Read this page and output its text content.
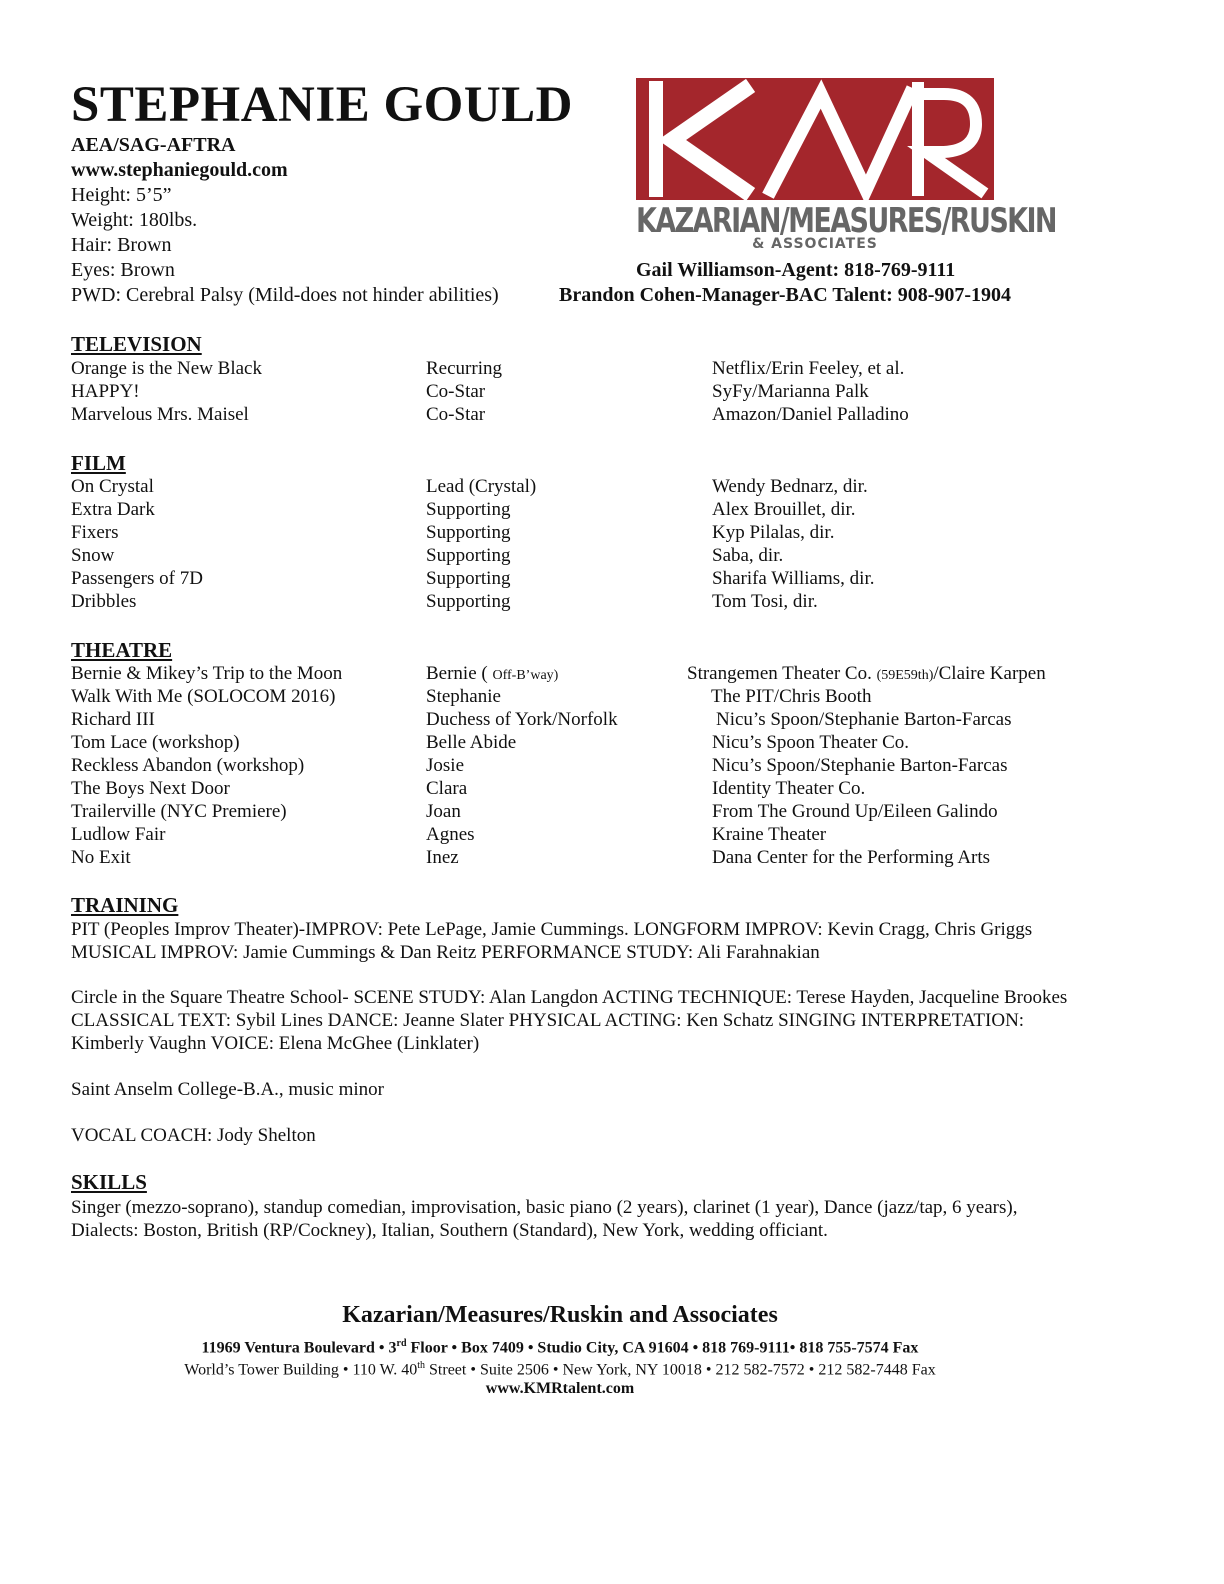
STEPHANIE GOULD
AEA/SAG-AFTRA
www.stephaniegould.com
Height: 5’5”
Weight: 180lbs.
Hair: Brown
Eyes: Brown
PWD: Cerebral Palsy (Mild-does not hinder abilities)
KAZARIAN/MEASURES/RUSKIN
& ASSOCIATES
Gail Williamson-Agent: 818-769-9111
Brandon Cohen-Manager-BAC Talent: 908-907-1904
TELEVISION
Orange is the New Black	Recurring	Netflix/Erin Feeley, et al.
HAPPY!	Co-Star	SyFy/Marianna Palk
Marvelous Mrs. Maisel	Co-Star	Amazon/Daniel Palladino
FILM
On Crystal	Lead (Crystal)	Wendy Bednarz, dir.
Extra Dark	Supporting	Alex Brouillet, dir.
Fixers	Supporting	Kyp Pilalas, dir.
Snow	Supporting	Saba, dir.
Passengers of 7D	Supporting	Sharifa Williams, dir.
Dribbles	Supporting	Tom Tosi, dir.
THEATRE
Bernie & Mikey’s Trip to the Moon	Bernie ( Off-B’way)	Strangemen Theater Co. (59E59th)/Claire Karpen
Walk With Me (SOLOCOM 2016)	Stephanie	The PIT/Chris Booth
Richard III	Duchess of York/Norfolk	Nicu’s Spoon/Stephanie Barton-Farcas
Tom Lace (workshop)	Belle Abide	Nicu’s Spoon Theater Co.
Reckless Abandon (workshop)	Josie	Nicu’s Spoon/Stephanie Barton-Farcas
The Boys Next Door	Clara	Identity Theater Co.
Trailerville (NYC Premiere)	Joan	From The Ground Up/Eileen Galindo
Ludlow Fair	Agnes	Kraine Theater
No Exit	Inez	Dana Center for the Performing Arts
TRAINING

PIT (Peoples Improv Theater)-IMPROV: Pete LePage, Jamie Cummings. LONGFORM IMPROV: Kevin Cragg, Chris Griggs MUSICAL IMPROV: Jamie Cummings & Dan Reitz PERFORMANCE STUDY: Ali Farahnakian

Circle in the Square Theatre School- SCENE STUDY: Alan Langdon ACTING TECHNIQUE: Terese Hayden, Jacqueline Brookes CLASSICAL TEXT: Sybil Lines DANCE: Jeanne Slater PHYSICAL ACTING: Ken Schatz SINGING INTERPRETATION: Kimberly Vaughn VOICE: Elena McGhee (Linklater)

Saint Anselm College-B.A., music minor

VOCAL COACH: Jody Shelton

SKILLS

Singer (mezzo-soprano), standup comedian, improvisation, basic piano (2 years), clarinet (1 year), Dance (jazz/tap, 6 years), Dialects: Boston, British (RP/Cockney), Italian, Southern (Standard), New York, wedding officiant.

Kazarian/Measures/Ruskin and Associates
11969 Ventura Boulevard • 3rd Floor • Box 7409 • Studio City, CA 91604 • 818 769-9111• 818 755-7574 Fax
World’s Tower Building • 110 W. 40th Street • Suite 2506 • New York, NY 10018 • 212 582-7572 • 212 582-7448 Fax
www.KMRtalent.com
